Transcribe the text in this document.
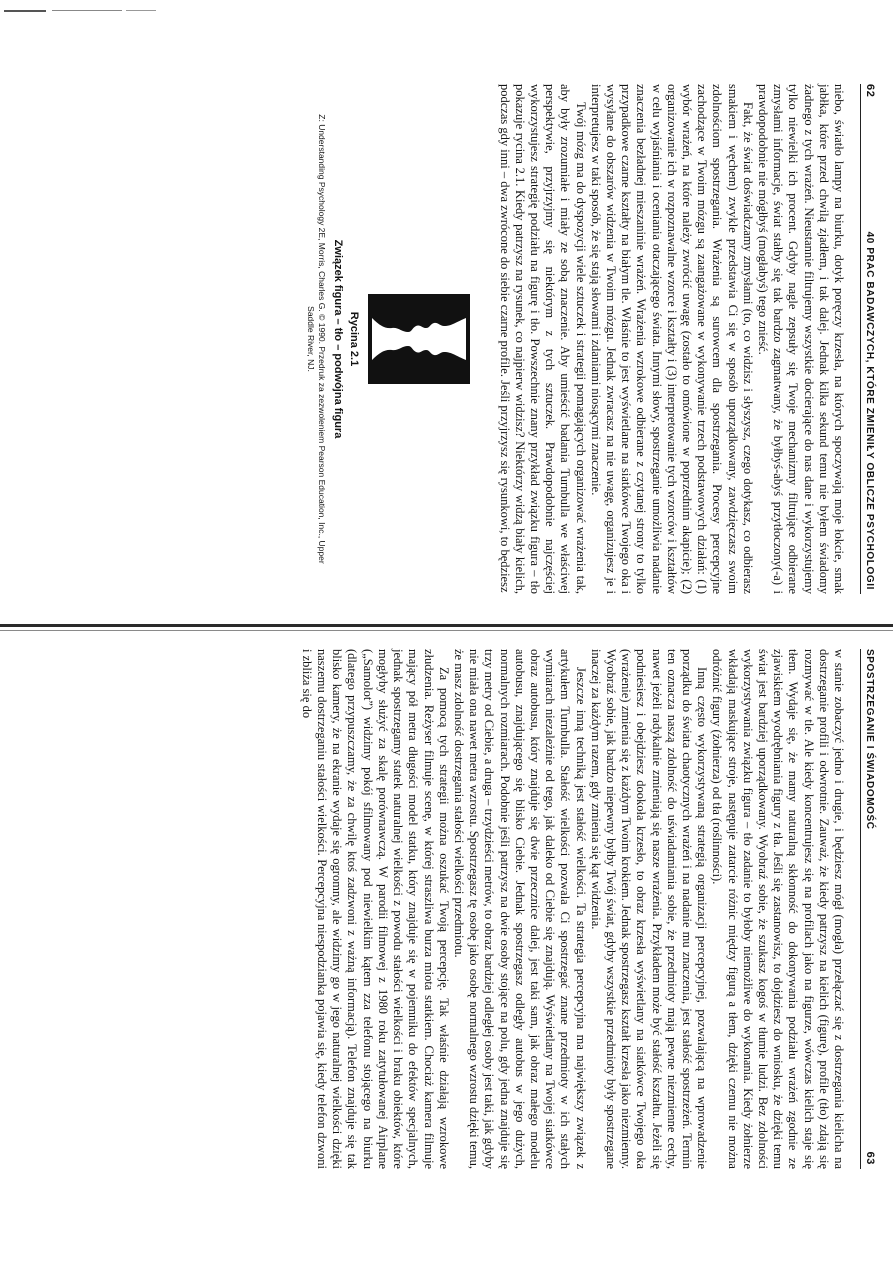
62
40 PRAC BADAWCZYCH, KTÓRE ZMIENIŁY OBLICZE PSYCHOLOGII

niebo, światło lampy na biurku, dotyk poręczy krzesła, na których spoczywają moje łokcie, smak jabłka, które przed chwilą zjadłem, i tak dalej. Jednak kilka sekund temu nie byłem świadomy żadnego z tych wrażeń. Nieustannie filtrujemy wszystkie docierające do nas dane i wykorzystujemy tylko niewielki ich procent. Gdyby nagle zepsuły się Twoje mechanizmy filtrujące odbierane zmysłami informacje, świat stałby się tak bardzo zagmatwany, że byłbyś-abyś przytłoczony(-a) i prawdopodobnie nie mógłbyś (mogłabyś) tego znieść.

Fakt, że świat doświadczamy zmysłami (to, co widzisz i słyszysz, czego dotykasz, co odbierasz smakiem i węchem) zwykle przedstawia Ci się w sposób uporządkowany, zawdzięczasz swoim zdolnościom spostrzegania. Wrażenia są surowcem dla spostrzegania. Procesy percepcyjne zachodzące w Twoim mózgu są zaangażowane w wykonywanie trzech podstawowych działań: (1) wybór wrażeń, na które należy zwrócić uwagę (zostało to omówione w poprzednim akapicie); (2) organizowanie ich w rozpoznawalne wzorce i kształty i (3) interpretowanie tych wzorców i kształtów w celu wyjaśniania i oceniania otaczającego świata. Innymi słowy, spostrzeganie umożliwia nadanie znaczenia bezładnej mieszaninie wrażeń. Wrażenia wzrokowe odbierane z czytanej strony to tylko przypadkowe czarne kształty na białym tle. Właśnie to jest wyświetlane na siatkówce Twojego oka i wysyłane do obszarów widzenia w Twoim mózgu. Jednak zwracasz na nie uwagę, organizujesz je i interpretujesz w taki sposób, że się stają słowami i zdaniami niosącymi znaczenie.

Twój mózg ma do dyspozycji wiele sztuczek i strategii pomagających organizować wrażenia tak, aby były zrozumiałe i miały ze sobą znaczenie. Aby umieścić badania Turnbulla we właściwej perspektywie, przyjrzyjmy się niektórym z tych sztuczek. Prawdopodobnie najczęściej wykorzystujesz strategię podziału na figurę i tło. Powszechnie znany przykład związku figura – tło pokazuje rycina 2.1. Kiedy patrzysz na rysunek, co najpierw widzisz? Niektórzy widzą biały kielich, podczas gdy inni – dwa zwrócone do siebie czarne profile. Jeśli przyjrzysz się rysunkowi, to będziesz

Rycina 2.1
Związek figura – tło – podwójna figura
Z: Understanding Psychology 2E, Morris, Charles G. © 1990. Przedruk za zezwoleniem Pearson Education, Inc., Upper Saddle River, NJ.
SPOSTRZEGANIE I ŚWIADOMOŚĆ
63

w stanie zobaczyć jedno i drugie, i będziesz mógł (mogła) przełączać się z dostrzegania kielicha na dostrzeganie profili i odwrotnie. Zauważ, że kiedy patrzysz na kielich (figurę), profile (tło) zdają się rozmywać w tle. Ale kiedy koncentrujesz się na profilach jako na figurze, wówczas kielich staje się tłem. Wydaje się, że mamy naturalną skłonność do dokonywania podziału wrażeń zgodnie ze zjawiskiem wyodrębniania figury z tła. Jeśli się zastanowisz, to dojdziesz do wniosku, że dzięki temu świat jest bardziej uporządkowany. Wyobraź sobie, że szukasz kogoś w tłumie ludzi. Bez zdolności wykorzystywania związku figura – tło zadanie to byłoby niemożliwe do wykonania. Kiedy żołnierze wkładają maskujące stroje, następuje zatarcie różnic między figurą a tłem, dzięki czemu nie można odróżnić figury (żołnierza) od tła (roślinności).

Inną często wykorzystywaną strategią organizacji percepcyjnej, pozwalającą na wprowadzenie porządku do świata chaotycznych wrażeń i na nadanie mu znaczenia, jest stałość spostrzeżeń. Termin ten oznacza naszą zdolność do uświadamiania sobie, że przedmioty mają pewne niezmienne cechy, nawet jeżeli radykalnie zmieniają się nasze wrażenia. Przykładem może być stałość kształtu. Jeżeli się podniesiesz i obejdziesz dookoła krzesło, to obraz krzesła wyświetlany na siatkówce Twojego oka (wrażenie) zmienia się z każdym Twoim krokiem. Jednak spostrzegasz kształt krzesła jako niezmienny. Wyobraź sobie, jak bardzo niepewny byłby Twój świat, gdyby wszystkie przedmioty były spostrzegane inaczej za każdym razem, gdy zmienia się kąt widzenia.

Jeszcze inną techniką jest stałość wielkości. Ta strategia percepcyjna ma największy związek z artykułem Turnbulla. Stałość wielkości pozwala Ci spostrzegać znane przedmioty w ich stałych wymiarach niezależnie od tego, jak daleko od Ciebie się znajdują. Wyświetlany na Twojej siatkówce obraz autobusu, który znajduje się dwie przecznice dalej, jest taki sam, jak obraz małego modelu autobusu, znajdującego się blisko Ciebie. Jednak spostrzegasz odległy autobus w jego dużych, normalnych rozmiarach. Podobnie jeśli patrzysz na dwie osoby stojące na polu, gdy jedna znajduje się trzy metry od Ciebie, a druga – trzydzieści metrów, to obraz bardziej odległej osoby jest taki, jak gdyby nie miała ona nawet metra wzrostu. Spostrzegasz tę osobę jako osobę normalnego wzrostu dzięki temu, że masz zdolność dostrzegania stałości wielkości przedmiotu.

Za pomocą tych strategii można oszukać Twoją percepcję. Tak właśnie działają wzrokowe złudzenia. Reżyser filmuje scenę, w której straszliwa burza miota statkiem. Chociaż kamera filmuje mający pół metra długości model statku, który znajduje się w pojemniku do efektów specjalnych, jednak spostrzegamy statek naturalnej wielkości z powodu stałości wielkości i braku obiektów, które mogłyby służyć za skalę porównawczą. W parodii filmowej z 1980 roku zatytułowanej Airplane („Samolot”) widzimy pokój sfilmowany pod niewielkim kątem zza telefonu stojącego na biurku (dlatego przypuszczamy, że za chwilę ktoś zadzwoni z ważną informacją). Telefon znajduje się tak blisko kamery, że na ekranie wydaje się ogromny, ale widzimy go w jego naturalnej wielkości dzięki naszemu dostrzeganiu stałości wielkości. Percepcyjna niespodzianka pojawia się, kiedy telefon dzwoni i zbliża się do
